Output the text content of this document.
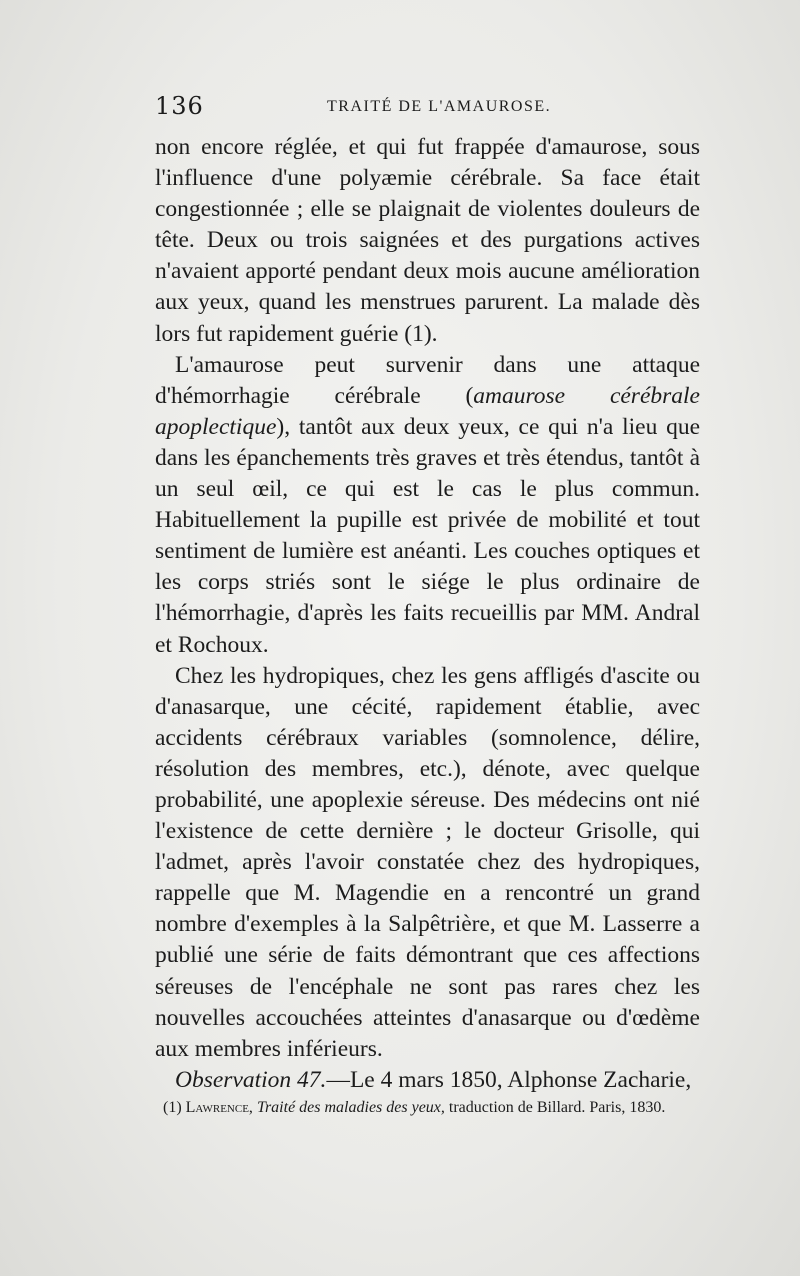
136	TRAITÉ DE L'AMAUROSE.

non encore réglée, et qui fut frappée d'amaurose, sous l'influence d'une polyæmie cérébrale. Sa face était congestionnée ; elle se plaignait de violentes douleurs de tête. Deux ou trois saignées et des purgations actives n'avaient apporté pendant deux mois aucune amélioration aux yeux, quand les menstrues parurent. La malade dès lors fut rapidement guérie (1).

L'amaurose peut survenir dans une attaque d'hémorrhagie cérébrale (amaurose cérébrale apoplectique), tantôt aux deux yeux, ce qui n'a lieu que dans les épanchements très graves et très étendus, tantôt à un seul œil, ce qui est le cas le plus commun. Habituellement la pupille est privée de mobilité et tout sentiment de lumière est anéanti. Les couches optiques et les corps striés sont le siége le plus ordinaire de l'hémorrhagie, d'après les faits recueillis par MM. Andral et Rochoux.

Chez les hydropiques, chez les gens affligés d'ascite ou d'anasarque, une cécité, rapidement établie, avec accidents cérébraux variables (somnolence, délire, résolution des membres, etc.), dénote, avec quelque probabilité, une apoplexie séreuse. Des médecins ont nié l'existence de cette dernière ; le docteur Grisolle, qui l'admet, après l'avoir constatée chez des hydropiques, rappelle que M. Magendie en a rencontré un grand nombre d'exemples à la Salpêtrière, et que M. Lasserre a publié une série de faits démontrant que ces affections séreuses de l'encéphale ne sont pas rares chez les nouvelles accouchées atteintes d'anasarque ou d'œdème aux membres inférieurs.

Observation 47.—Le 4 mars 1850, Alphonse Zacharie,

(1) Lawrence, Traité des maladies des yeux, traduction de Billard. Paris, 1830.
